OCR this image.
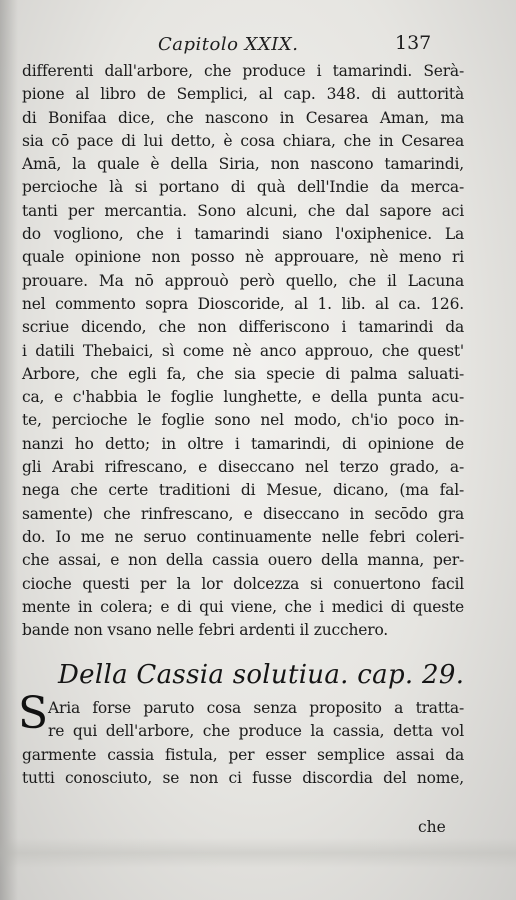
Capitolo XXIX.	137
differenti dall'arbore, che produce i tamarindi. Serà-
pione al libro de Semplici, al cap. 348. di auttorità
di Bonifaa dice, che nascono in Cesarea Aman, ma
sia cō pace di lui detto, è cosa chiara, che in Cesarea
Amā, la quale è della Siria, non nascono tamarindi,
percioche là si portano di quà dell'Indie da merca-
tanti per mercantia. Sono alcuni, che dal sapore aci
do vogliono, che i tamarindi siano l'oxiphenice. La
quale opinione non posso nè approuare, nè meno ri
prouare. Ma nō approuò però quello, che il Lacuna
nel commento sopra Dioscoride, al 1. lib. al ca. 126.
scriue dicendo, che non differiscono i tamarindi da
i datili Thebaici, sì come nè anco approuo, che quest'
Arbore, che egli fa, che sia specie di palma saluati-
ca, e c'habbia le foglie lunghette, e della punta acu-
te, percioche le foglie sono nel modo, ch'io poco in-
nanzi ho detto; in oltre i tamarindi, di opinione de
gli Arabi rifrescano, e diseccano nel terzo grado, a-
nega che certe traditioni di Mesue, dicano, (ma fal-
samente) che rinfrescano, e diseccano in secōdo gra
do. Io me ne seruo continuamente nelle febri coleri-
che assai, e non della cassia ouero della manna, per-
cioche questi per la lor dolcezza si conuertono facil
mente in colera; e di qui viene, che i medici di queste
bande non vsano nelle febri ardenti il zucchero.
Della Cassia solutiua. cap. 29.
S Aria forse paruto cosa senza proposito a tratta-
re qui dell'arbore, che produce la cassia, detta vol
garmente cassia fistula, per esser semplice assai da
tutti conosciuto, se non ci fusse discordia del nome,
che
